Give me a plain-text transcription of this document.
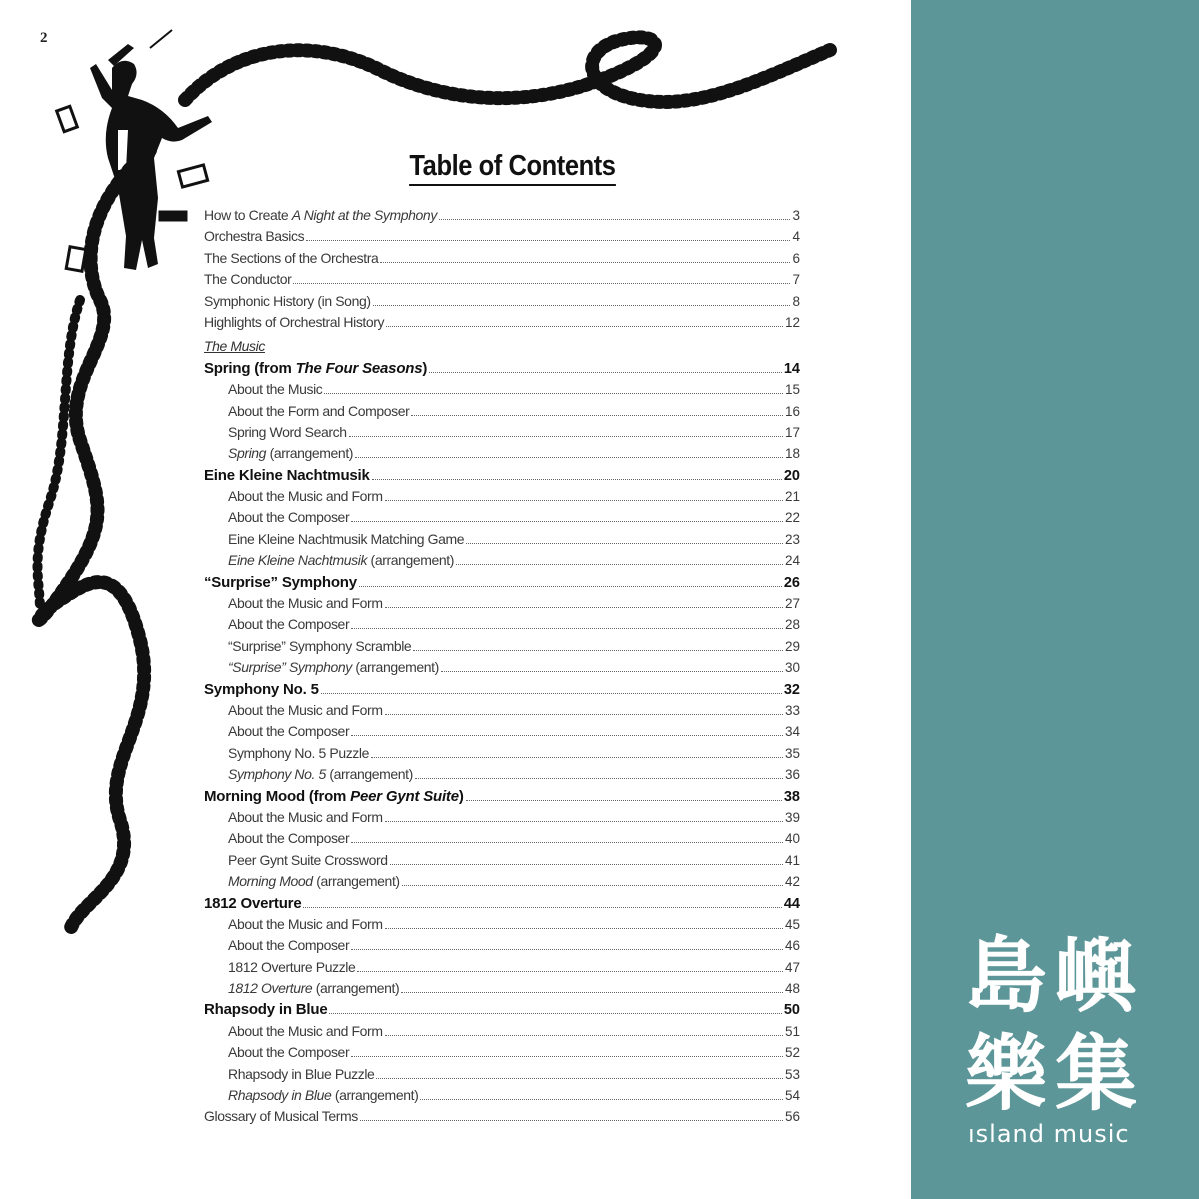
2
Table of Contents
How to Create A Night at the Symphony	3
Orchestra Basics	4
The Sections of the Orchestra	6
The Conductor	7
Symphonic History (in Song)	8
Highlights of Orchestral History	12
The Music
Spring (from The Four Seasons)	14
About the Music	15
About the Form and Composer	16
Spring Word Search	17
Spring (arrangement)	18
Eine Kleine Nachtmusik	20
About the Music and Form	21
About the Composer	22
Eine Kleine Nachtmusik Matching Game	23
Eine Kleine Nachtmusik (arrangement)	24
“Surprise” Symphony	26
About the Music and Form	27
About the Composer	28
“Surprise” Symphony Scramble	29
“Surprise” Symphony (arrangement)	30
Symphony No. 5	32
About the Music and Form	33
About the Composer	34
Symphony No. 5 Puzzle	35
Symphony No. 5 (arrangement)	36
Morning Mood (from Peer Gynt Suite)	38
About the Music and Form	39
About the Composer	40
Peer Gynt Suite Crossword	41
Morning Mood (arrangement)	42
1812 Overture	44
About the Music and Form	45
About the Composer	46
1812 Overture Puzzle	47
1812 Overture (arrangement)	48
Rhapsody in Blue	50
About the Music and Form	51
About the Composer	52
Rhapsody in Blue Puzzle	53
Rhapsody in Blue (arrangement)	54
Glossary of Musical Terms	56
島嶼
樂集
ısland music
